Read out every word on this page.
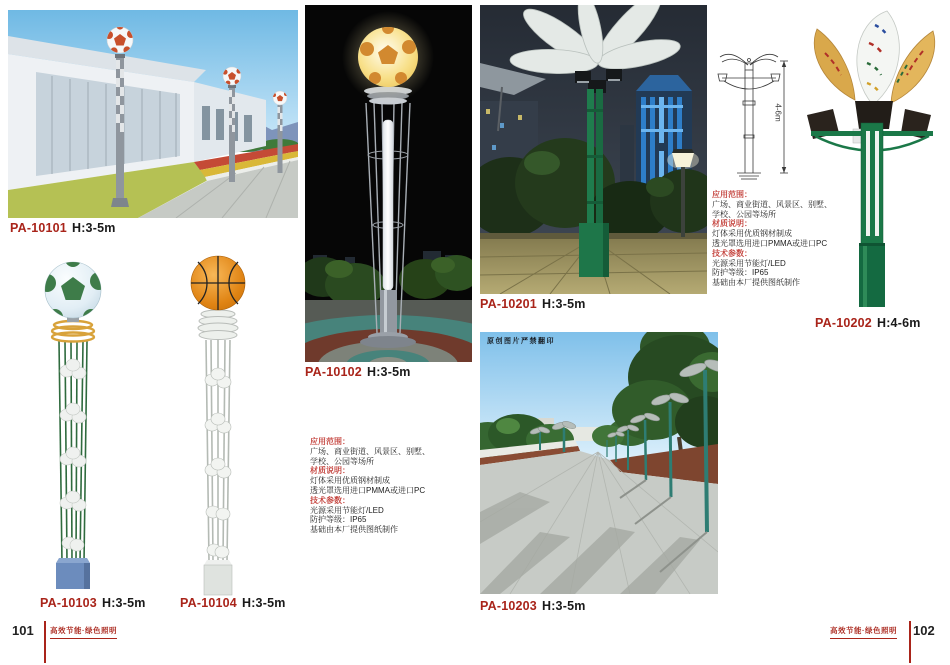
PA-10101 H:3-5m
PA-10103 H:3-5m	PA-10104 H:3-5m
PA-10102 H:3-5m
应用范围：
广场、商业街道、风景区、别墅、
学校、公园等场所
材质说明：
灯体采用优质钢材制成
透光罩选用进口PMMA或进口PC
技术参数：
光源采用节能灯/LED
防护等级：IP65
基础由本厂提供图纸制作
PA-10201 H:3-5m
4-6m
应用范围：
广场、商业街道、风景区、别墅、
学校、公园等场所
材质说明：
灯体采用优质钢材制成
透光罩选用进口PMMA或进口PC
技术参数：
光源采用节能灯/LED
防护等级：IP65
基础由本厂提供图纸制作
PA-10202 H:4-6m
原创图片严禁翻印
PA-10203 H:3-5m
101 高效节能·绿色照明	高效节能·绿色照明 102
